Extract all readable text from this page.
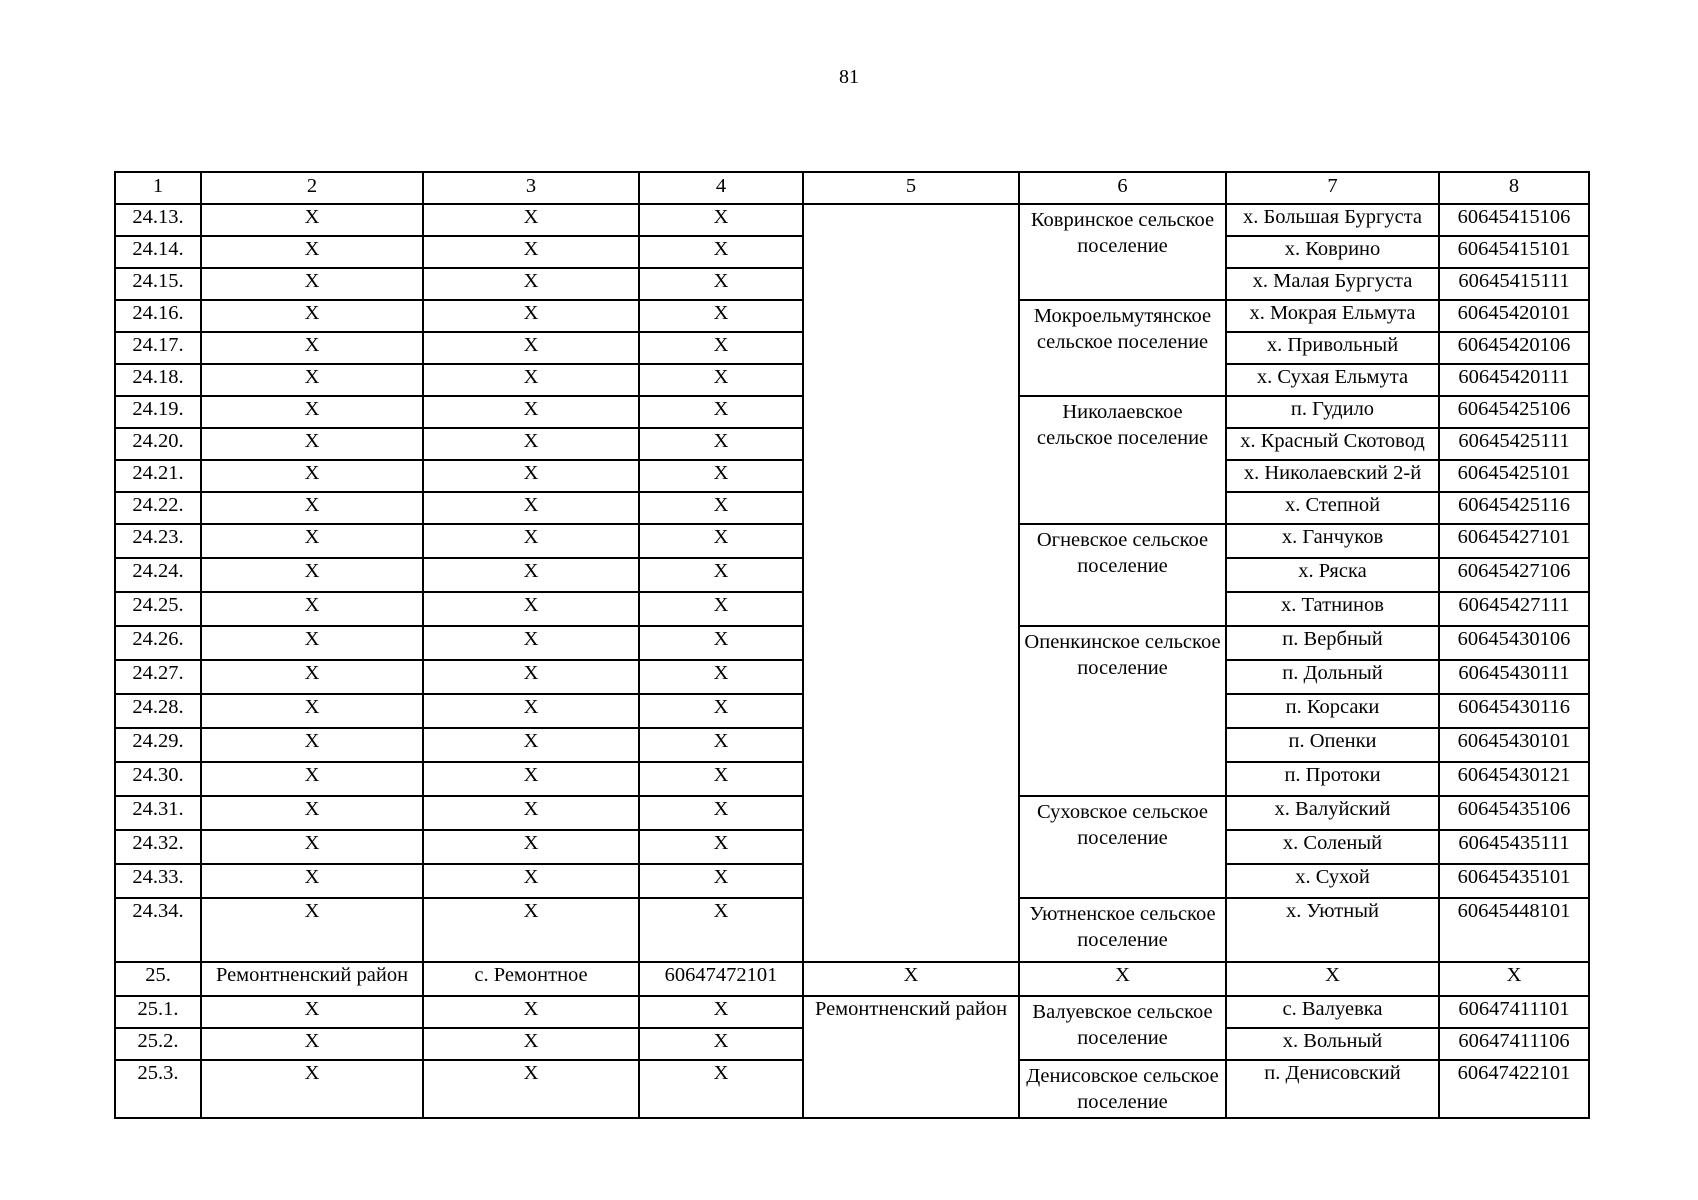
81
1	2	3	4	5	6	7	8
24.13.	X	X	X		Ковринское сельское поселение	х. Большая Бургуста	60645415106
24.14.	X	X	X			х. Коврино	60645415101
24.15.	X	X	X			х. Малая Бургуста	60645415111
24.16.	X	X	X		Мокроельмутянское сельское поселение	х. Мокрая Ельмута	60645420101
24.17.	X	X	X			х. Привольный	60645420106
24.18.	X	X	X			х. Сухая Ельмута	60645420111
24.19.	X	X	X		Николаевское сельское поселение	п. Гудило	60645425106
24.20.	X	X	X			х. Красный Скотовод	60645425111
24.21.	X	X	X			х. Николаевский 2-й	60645425101
24.22.	X	X	X			х. Степной	60645425116
24.23.	X	X	X		Огневское сельское поселение	х. Ганчуков	60645427101
24.24.	X	X	X			х. Ряска	60645427106
24.25.	X	X	X			х. Татнинов	60645427111
24.26.	X	X	X		Опенкинское сельское поселение	п. Вербный	60645430106
24.27.	X	X	X			п. Дольный	60645430111
24.28.	X	X	X			п. Корсаки	60645430116
24.29.	X	X	X			п. Опенки	60645430101
24.30.	X	X	X			п. Протоки	60645430121
24.31.	X	X	X		Суховское сельское поселение	х. Валуйский	60645435106
24.32.	X	X	X			х. Соленый	60645435111
24.33.	X	X	X			х. Сухой	60645435101
24.34.	X	X	X		Уютненское сельское поселение	х. Уютный	60645448101
25.	Ремонтненский район	с. Ремонтное	60647472101	X	X	X	X
25.1.	X	X	X	Ремонтненский район	Валуевское сельское поселение	с. Валуевка	60647411101
25.2.	X	X	X			х. Вольный	60647411106
25.3.	X	X	X		Денисовское сельское поселение	п. Денисовский	60647422101
